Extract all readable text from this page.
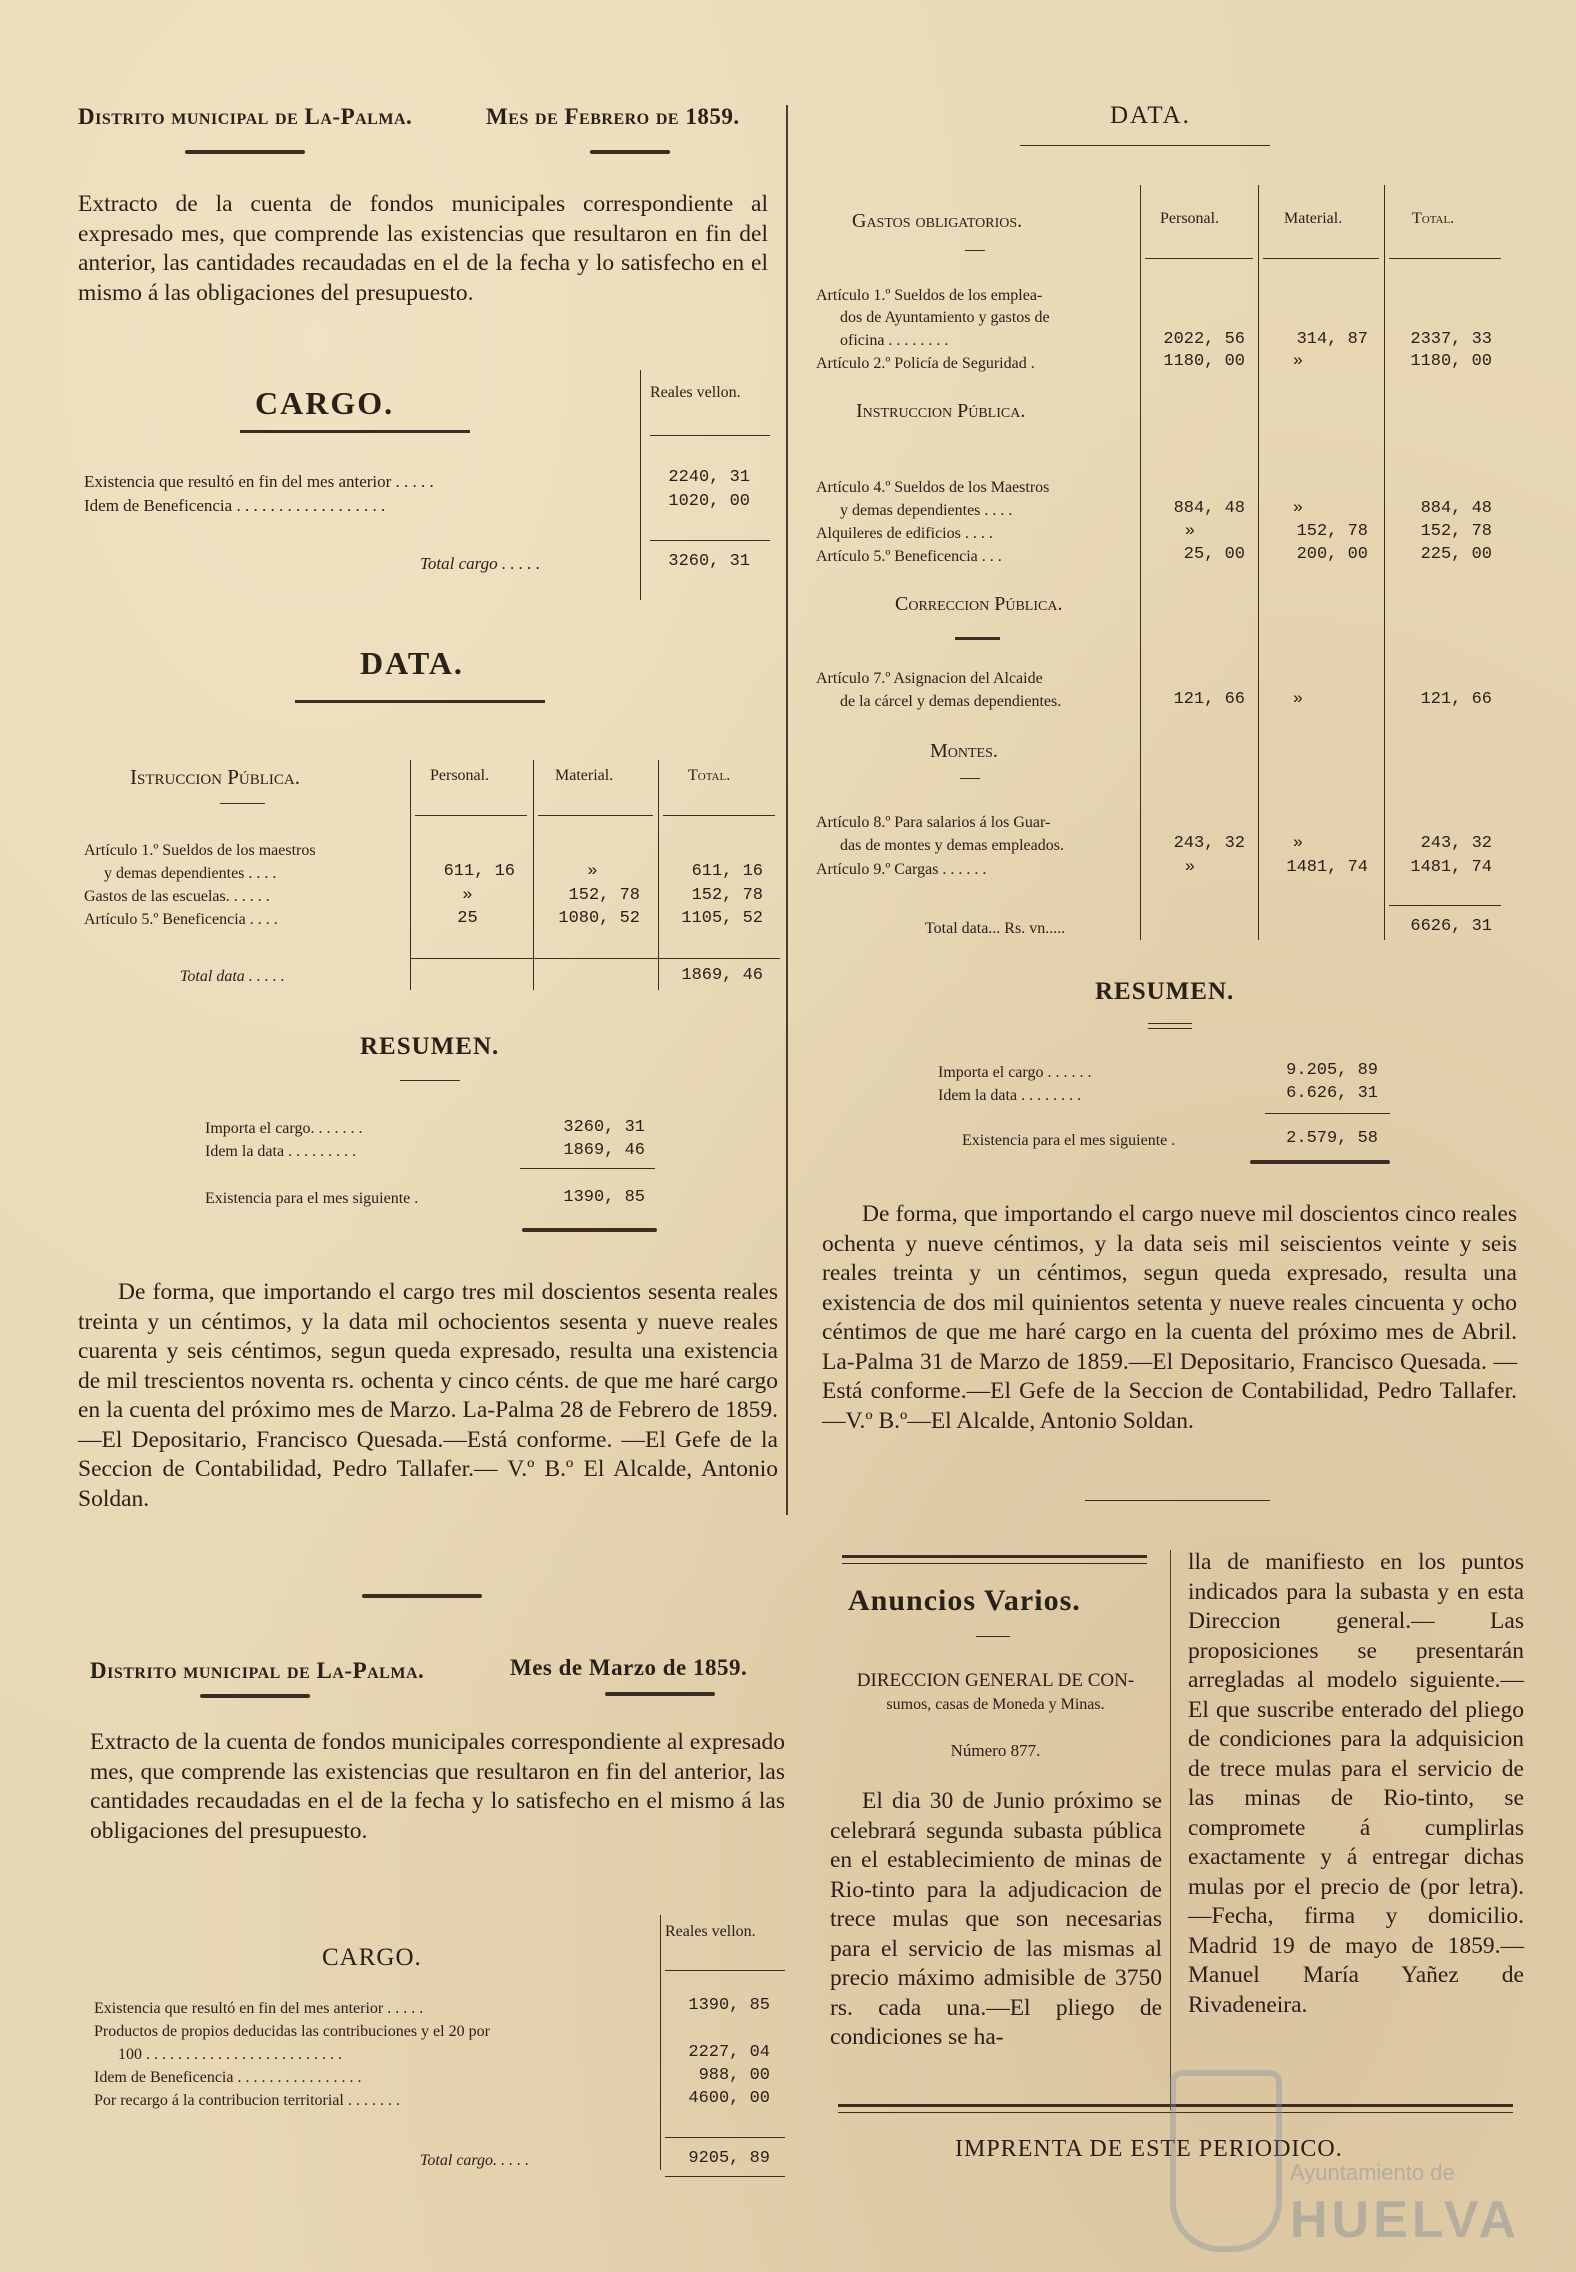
Distrito municipal de La-Palma.	Mes de Febrero de 1859.
Extracto de la cuenta de fondos municipales correspondiente al expresado mes, que comprende las existencias que resultaron en fin del anterior, las cantidades recaudadas en el de la fecha y lo satisfecho en el mismo á las obligaciones del presupuesto.
CARGO.	Reales vellon.
Existencia que resultó en fin del mes anterior . . . . .	2240, 31
Idem de Beneficencia . . . . . . . . . . . . . . . . . .	1020, 00
Total cargo . . . . .	3260, 31
DATA.
Istruccion Pública.	Personal.	Material.	Total.
Artículo 1.º Sueldos de los maestros
y demas dependientes . . . .	611, 16	»	611, 16
Gastos de las escuelas. . . . . .	»	152, 78	152, 78
Artículo 5.º Beneficencia . . . .	25	1080, 52	1105, 52
Total data . . . . .	1869, 46
RESUMEN.
Importa el cargo. . . . . . .	3260, 31
Idem la data . . . . . . . . .	1869, 46
Existencia para el mes siguiente .	1390, 85
De forma, que importando el cargo tres mil doscientos sesenta reales treinta y un céntimos, y la data mil ochocientos sesenta y nueve reales cuarenta y seis céntimos, segun queda expresado, resulta una existencia de mil trescientos noventa rs. ochenta y cinco cénts. de que me haré cargo en la cuenta del próximo mes de Marzo. La-Palma 28 de Febrero de 1859.—El Depositario, Francisco Quesada.—Está conforme. —El Gefe de la Seccion de Contabilidad, Pedro Tallafer.— V.º B.º El Alcalde, Antonio Soldan.
Distrito municipal de La-Palma.	Mes de Marzo de 1859.
Extracto de la cuenta de fondos municipales correspondiente al expresado mes, que comprende las existencias que resultaron en fin del anterior, las cantidades recaudadas en el de la fecha y lo satisfecho en el mismo á las obligaciones del presupuesto.
CARGO.
Reales vellon.
Existencia que resultó en fin del mes anterior . . . . .	1390, 85
Productos de propios deducidas las contribuciones y el 20 por
100 . . . . . . . . . . . . . . . . . . . . . . . . .	2227, 04
Idem de Beneficencia . . . . . . . . . . . . . . . .	988, 00
Por recargo á la contribucion territorial . . . . . . .	4600, 00
Total cargo. . . . .	9205, 89
DATA.
Gastos obligatorios.	Personal.	Material.	Total.
Artículo 1.º Sueldos de los emplea-
dos de Ayuntamiento y gastos de
oficina . . . . . . . .	2022, 56	314, 87	2337, 33
Artículo 2.º Policía de Seguridad .	1180, 00	»	1180, 00
Instruccion Pública.
Artículo 4.º Sueldos de los Maestros
y demas dependientes . . . .	884, 48	»	884, 48
Alquileres de edificios . . . .	»	152, 78	152, 78
Artículo 5.º Beneficencia . . .	25, 00	200, 00	225, 00
Correccion Pública.
Artículo 7.º Asignacion del Alcaide
de la cárcel y demas dependientes.	121, 66	»	121, 66
Montes.
Artículo 8.º Para salarios á los Guar-
das de montes y demas empleados.	243, 32	»	243, 32
Artículo 9.º Cargas . . . . . .	»	1481, 74	1481, 74
Total data... Rs. vn.....	6626, 31
RESUMEN.
Importa el cargo . . . . . .	9.205, 89
Idem la data . . . . . . . .	6.626, 31
Existencia para el mes siguiente .	2.579, 58
De forma, que importando el cargo nueve mil doscientos cinco reales ochenta y nueve céntimos, y la data seis mil seiscientos veinte y seis reales treinta y un céntimos, segun queda expresado, resulta una existencia de dos mil quinientos setenta y nueve reales cincuenta y ocho céntimos de que me haré cargo en la cuenta del próximo mes de Abril. La-Palma 31 de Marzo de 1859.—El Depositario, Francisco Quesada. —Está conforme.—El Gefe de la Seccion de Contabilidad, Pedro Tallafer.—V.º B.º—El Alcalde, Antonio Soldan.
Anuncios Varios.
DIRECCION GENERAL DE CON-
sumos, casas de Moneda y Minas.
Número 877.
El dia 30 de Junio próximo se celebrará segunda subasta pública en el establecimiento de minas de Rio-tinto para la adjudicacion de trece mulas que son necesarias para el servicio de las mismas al precio máximo admisible de 3750 rs. cada una.—El pliego de condiciones se ha-
lla de manifiesto en los puntos indicados para la subasta y en esta Direccion general.— Las proposiciones se presentarán arregladas al modelo siguiente.—El que suscribe enterado del pliego de condiciones para la adquisicion de trece mulas para el servicio de las minas de Rio-tinto, se compromete á cumplirlas exactamente y á entregar dichas mulas por el precio de (por letra).—Fecha, firma y domicilio. Madrid 19 de mayo de 1859.—Manuel María Yañez de Rivadeneira.
IMPRENTA DE ESTE PERIODICO.
Ayuntamiento de
HUELVA
